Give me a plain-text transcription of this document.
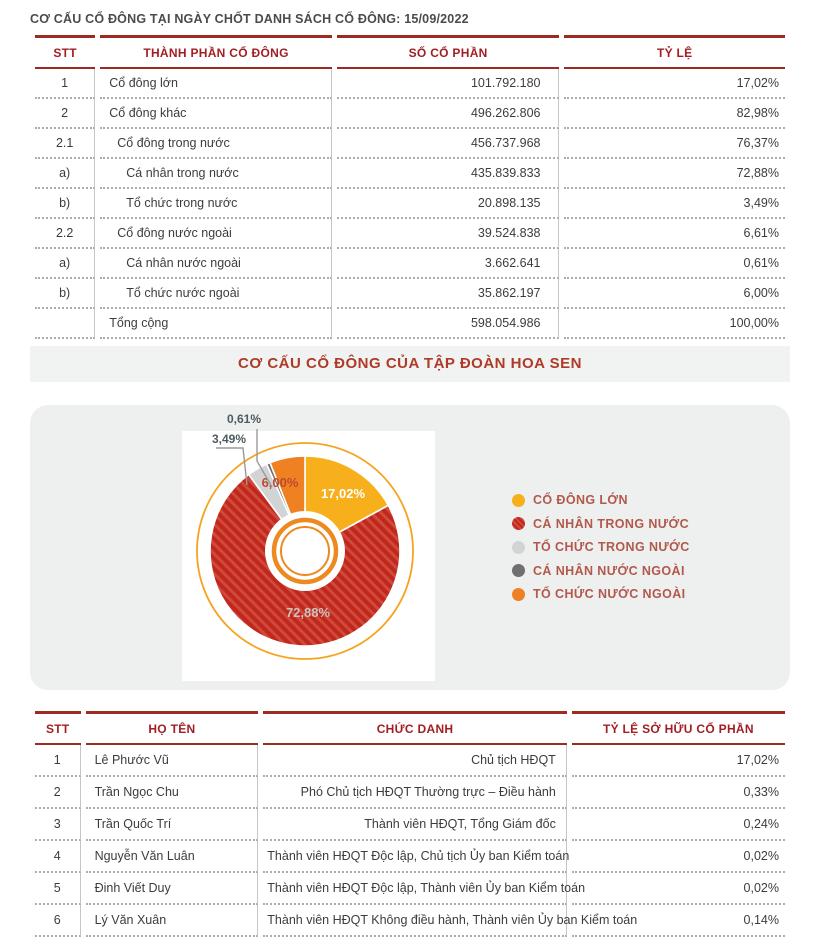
CƠ CẤU CỔ ĐÔNG TẠI NGÀY CHỐT DANH SÁCH CỔ ĐÔNG: 15/09/2022
STT	THÀNH PHẦN CỔ ĐÔNG	SỐ CỔ PHẦN	TỶ LỆ
1	Cổ đông lớn	101.792.180	17,02%
2	Cổ đông khác	496.262.806	82,98%
2.1	Cổ đông trong nước	456.737.968	76,37%
a)	Cá nhân trong nước	435.839.833	72,88%
b)	Tổ chức trong nước	20.898.135	3,49%
2.2	Cổ đông nước ngoài	39.524.838	6,61%
a)	Cá nhân nước ngoài	3.662.641	0,61%
b)	Tổ chức nước ngoài	35.862.197	6,00%
	Tổng cộng	598.054.986	100,00%
CƠ CẤU CỔ ĐÔNG CỦA TẬP ĐOÀN HOA SEN
17,02%
72,88%
6,00%
0,61%
3,49%
CỔ ĐÔNG LỚN
CÁ NHÂN TRONG NƯỚC
TỔ CHỨC TRONG NƯỚC
CÁ NHÂN NƯỚC NGOÀI
TỔ CHỨC NƯỚC NGOÀI
STT	HỌ TÊN	CHỨC DANH	TỶ LỆ SỞ HỮU CỔ PHẦN
1	Lê Phước Vũ	Chủ tịch HĐQT	17,02%
2	Trần Ngọc Chu	Phó Chủ tịch HĐQT Thường trực – Điều hành	0,33%
3	Trần Quốc Trí	Thành viên HĐQT, Tổng Giám đốc	0,24%
4	Nguyễn Văn Luân	Thành viên HĐQT Độc lập, Chủ tịch Ủy ban Kiểm toán	0,02%
5	Đinh Viết Duy	Thành viên HĐQT Độc lập, Thành viên Ủy ban Kiểm toán	0,02%
6	Lý Văn Xuân	Thành viên HĐQT Không điều hành, Thành viên Ủy ban Kiểm toán	0,14%
